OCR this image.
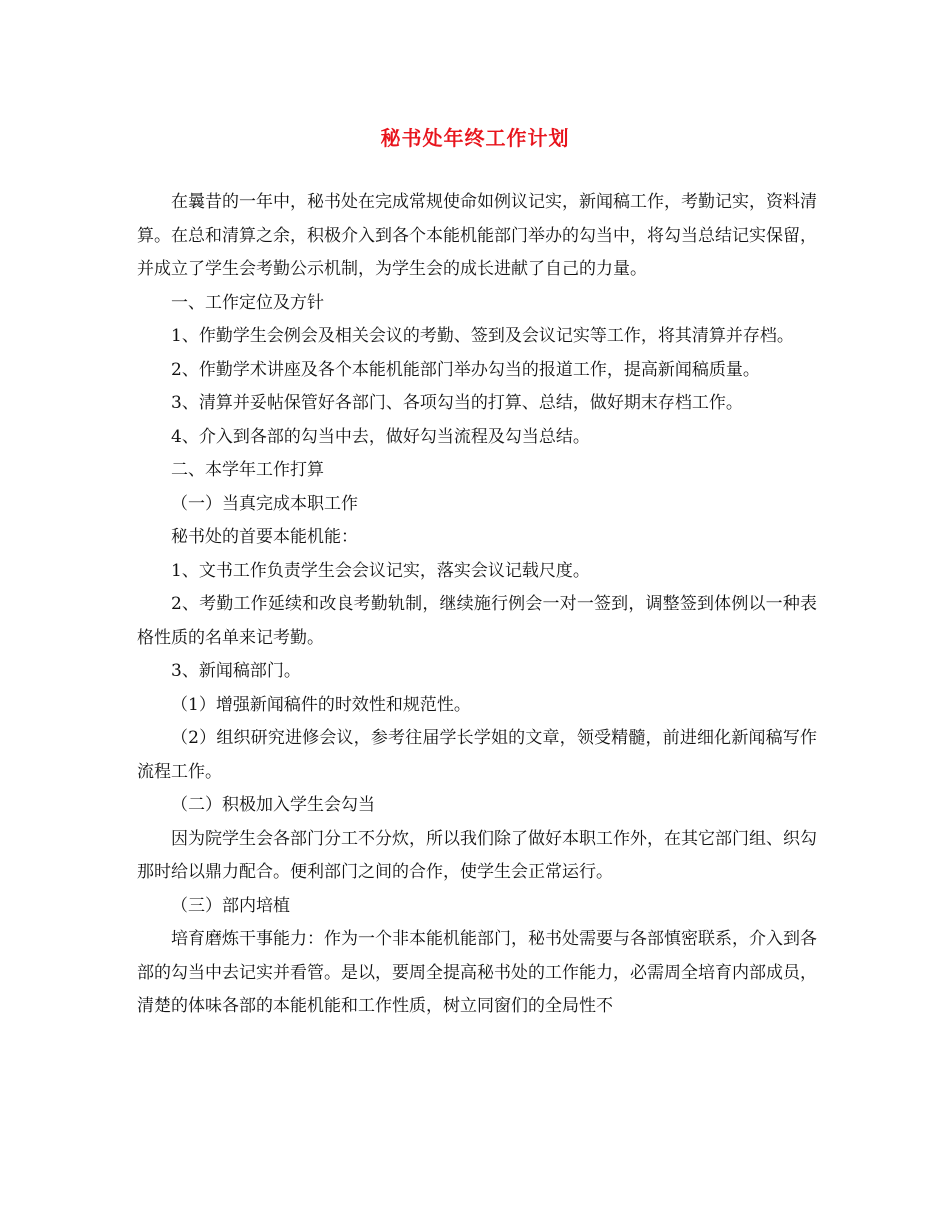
秘书处年终工作计划

在曩昔的一年中，秘书处在完成常规使命如例议记实，新闻稿工作，考勤记实，资料清算。在总和清算之余，积极介入到各个本能机能部门举办的勾当中，将勾当总结记实保留，并成立了学生会考勤公示机制，为学生会的成长进献了自己的力量。

一、工作定位及方针

1、作勤学生会例会及相关会议的考勤、签到及会议记实等工作，将其清算并存档。

2、作勤学术讲座及各个本能机能部门举办勾当的报道工作，提高新闻稿质量。

3、清算并妥帖保管好各部门、各项勾当的打算、总结，做好期末存档工作。

4、介入到各部的勾当中去，做好勾当流程及勾当总结。

二、本学年工作打算

（一）当真完成本职工作

秘书处的首要本能机能：

1、文书工作负责学生会会议记实，落实会议记载尺度。

2、考勤工作延续和改良考勤轨制，继续施行例会一对一签到，调整签到体例以一种表格性质的名单来记考勤。

3、新闻稿部门。

（1）增强新闻稿件的时效性和规范性。

（2）组织研究进修会议，参考往届学长学姐的文章，领受精髓，前进细化新闻稿写作流程工作。

（二）积极加入学生会勾当

因为院学生会各部门分工不分炊，所以我们除了做好本职工作外，在其它部门组、织勾那时给以鼎力配合。便利部门之间的合作，使学生会正常运行。

（三）部内培植

培育磨炼干事能力：作为一个非本能机能部门，秘书处需要与各部慎密联系，介入到各部的勾当中去记实并看管。是以，要周全提高秘书处的工作能力，必需周全培育内部成员，清楚的体味各部的本能机能和工作性质，树立同窗们的全局性不
